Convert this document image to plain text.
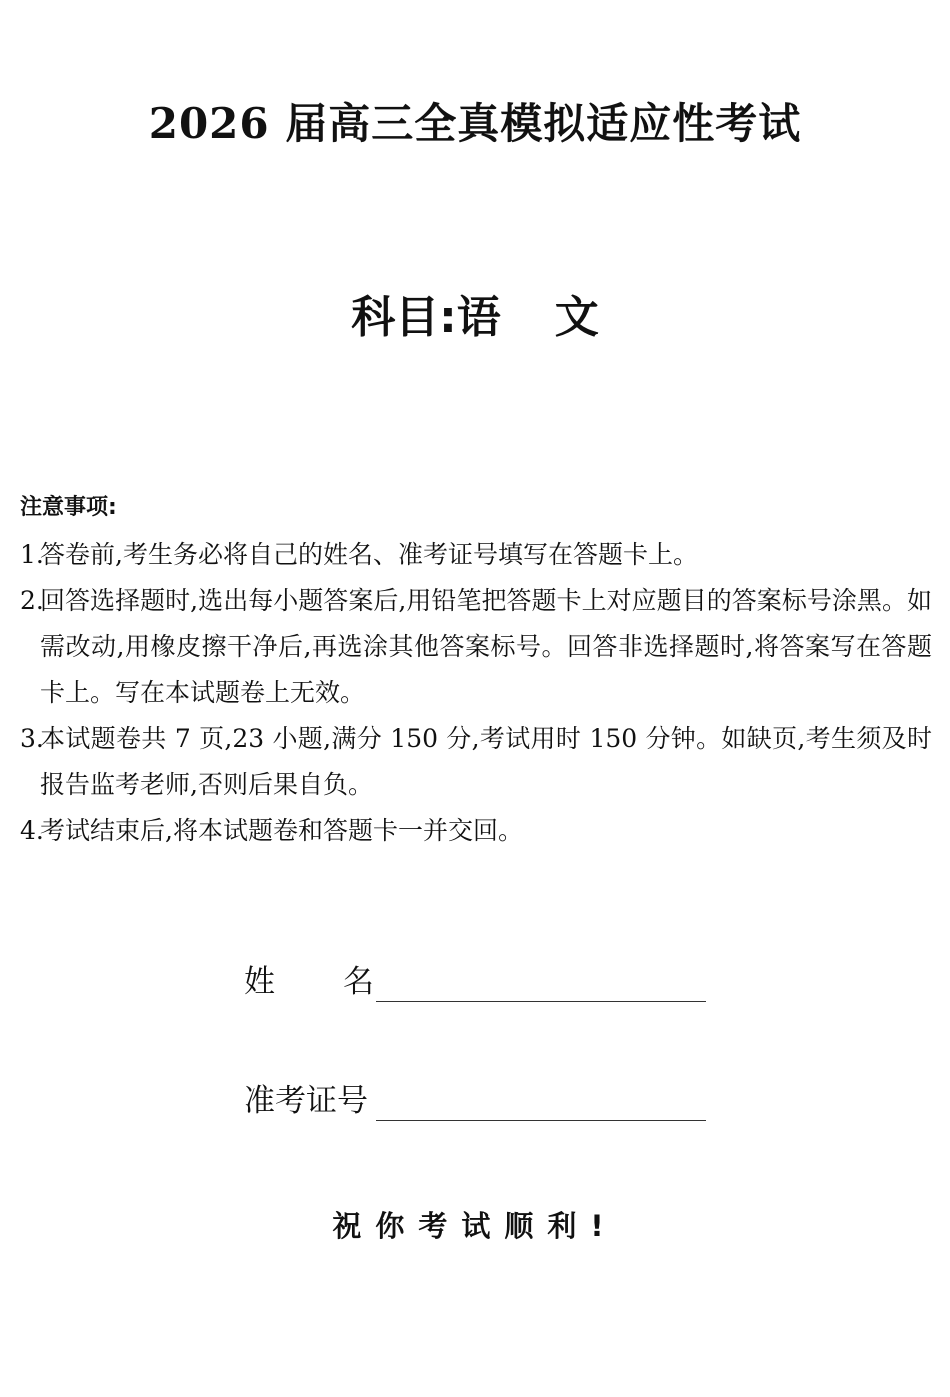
2026 届高三全真模拟适应性考试
科目:语 文
注意事项:
1.
答卷前,考生务必将自己的姓名、准考证号填写在答题卡上。
2.
回答选择题时,选出每小题答案后,用铅笔把答题卡上对应题目的答案标号涂黑。如需改动,用橡皮擦干净后,再选涂其他答案标号。回答非选择题时,将答案写在答题卡上。写在本试题卷上无效。
3.
本试题卷共 7 页,23 小题,满分 150 分,考试用时 150 分钟。如缺页,考生须及时报告监考老师,否则后果自负。
4.
考试结束后,将本试题卷和答题卡一并交回。
姓名
准考证号
祝你考试顺利!
